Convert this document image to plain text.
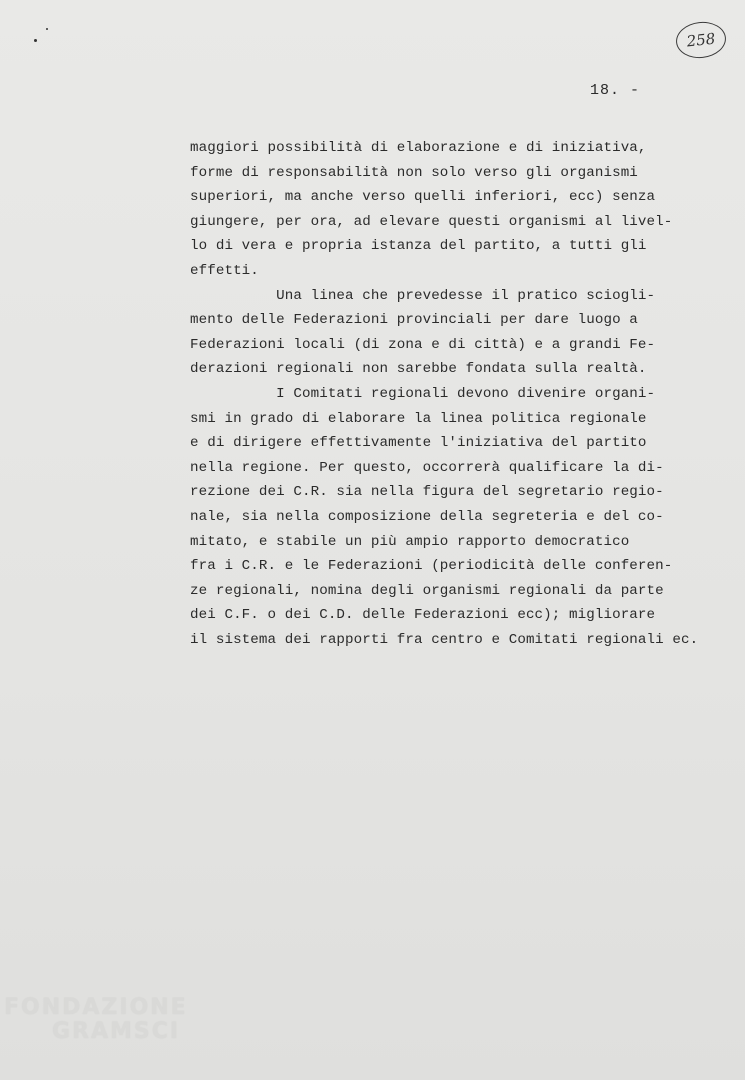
258
18. -
maggiori possibilità di elaborazione e di iniziativa,
forme di responsabilità non solo verso gli organismi
superiori, ma anche verso quelli inferiori, ecc) senza
giungere, per ora, ad elevare questi organismi al livel-
lo di vera e propria istanza del partito, a tutti gli
effetti.
Una linea che prevedesse il pratico sciogli-
mento delle Federazioni provinciali per dare luogo a
Federazioni locali (di zona e di città) e a grandi Fe-
derazioni regionali non sarebbe fondata sulla realtà.
I Comitati regionali devono divenire organi-
smi in grado di elaborare la linea politica regionale
e di dirigere effettivamente l'iniziativa del partito
nella regione. Per questo, occorrerà qualificare la di-
rezione dei C.R. sia nella figura del segretario regio-
nale, sia nella composizione della segreteria e del co-
mitato, e stabile un più ampio rapporto democratico
fra i C.R. e le Federazioni (periodicità delle conferen-
ze regionali, nomina degli organismi regionali da parte
dei C.F. o dei C.D. delle Federazioni ecc); migliorare
il sistema dei rapporti fra centro e Comitati regionali ec.
FONDAZIONE
GRAMSCI
